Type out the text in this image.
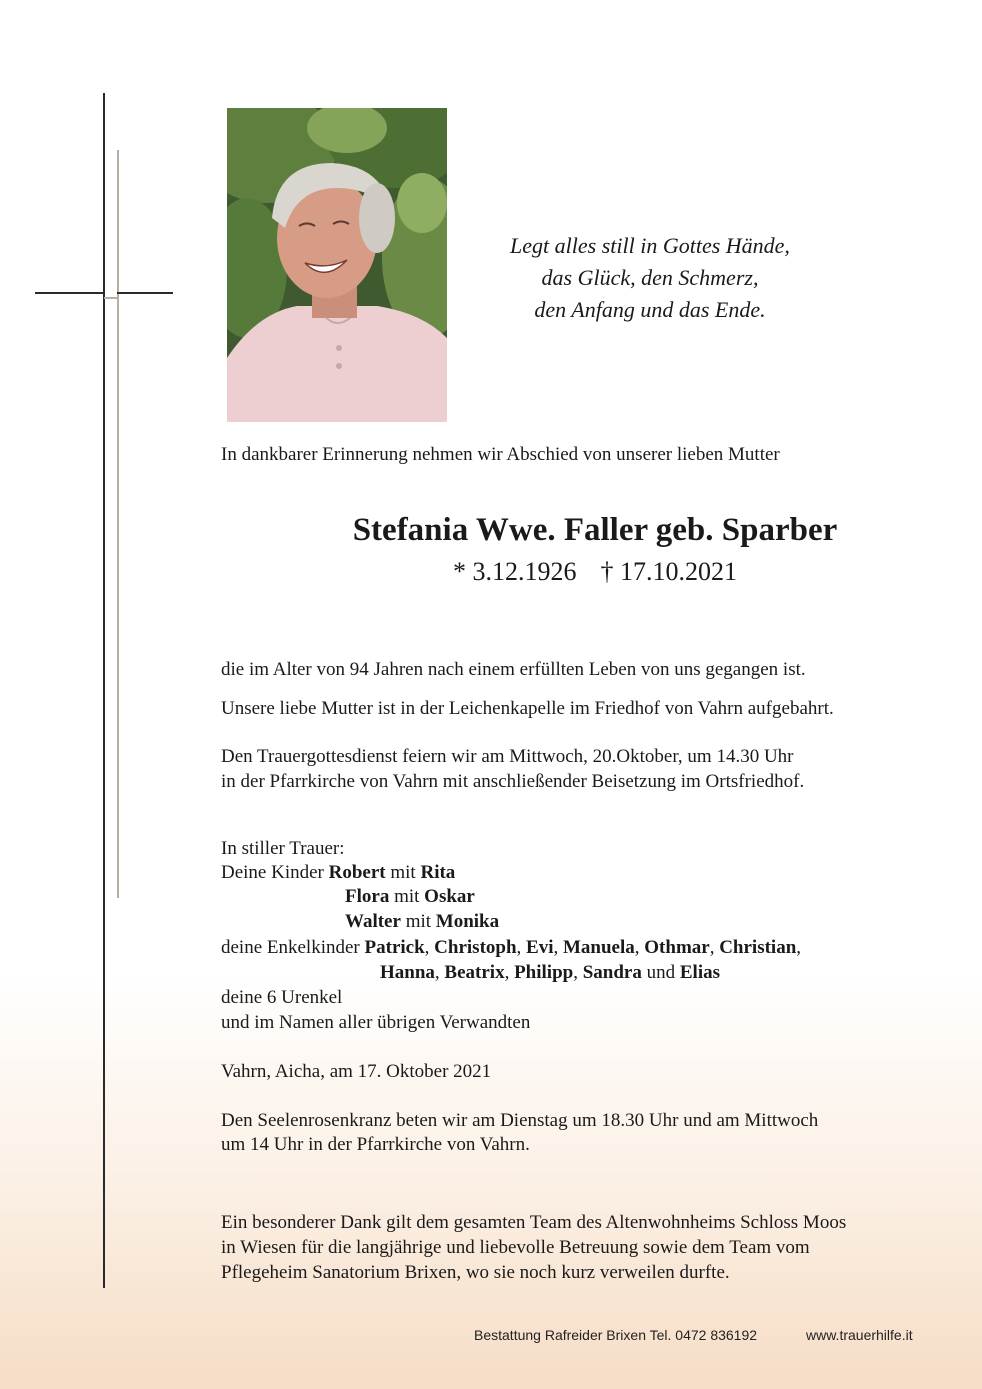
Legt alles still in Gottes Hände,
das Glück, den Schmerz,
den Anfang und das Ende.
In dankbarer Erinnerung nehmen wir Abschied von unserer lieben Mutter
Stefania Wwe. Faller geb. Sparber
* 3.12.1926 † 17.10.2021
die im Alter von 94 Jahren nach einem erfüllten Leben von uns gegangen ist.
Unsere liebe Mutter ist in der Leichenkapelle im Friedhof von Vahrn aufgebahrt.
Den Trauergottesdienst feiern wir am Mittwoch, 20.Oktober, um 14.30 Uhr
in der Pfarrkirche von Vahrn mit anschließender Beisetzung im Ortsfriedhof.
In stiller Trauer:
Deine Kinder Robert mit Rita
Flora mit Oskar
Walter mit Monika
deine Enkelkinder Patrick, Christoph, Evi, Manuela, Othmar, Christian,
Hanna, Beatrix, Philipp, Sandra und Elias
deine 6 Urenkel
und im Namen aller übrigen Verwandten
Vahrn, Aicha, am 17. Oktober 2021
Den Seelenrosenkranz beten wir am Dienstag um 18.30 Uhr und am Mittwoch
um 14 Uhr in der Pfarrkirche von Vahrn.
Ein besonderer Dank gilt dem gesamten Team des Altenwohnheims Schloss Moos
in Wiesen für die langjährige und liebevolle Betreuung sowie dem Team vom
Pflegeheim Sanatorium Brixen, wo sie noch kurz verweilen durfte.
Bestattung Rafreider Brixen Tel. 0472 836192	www.trauerhilfe.it
